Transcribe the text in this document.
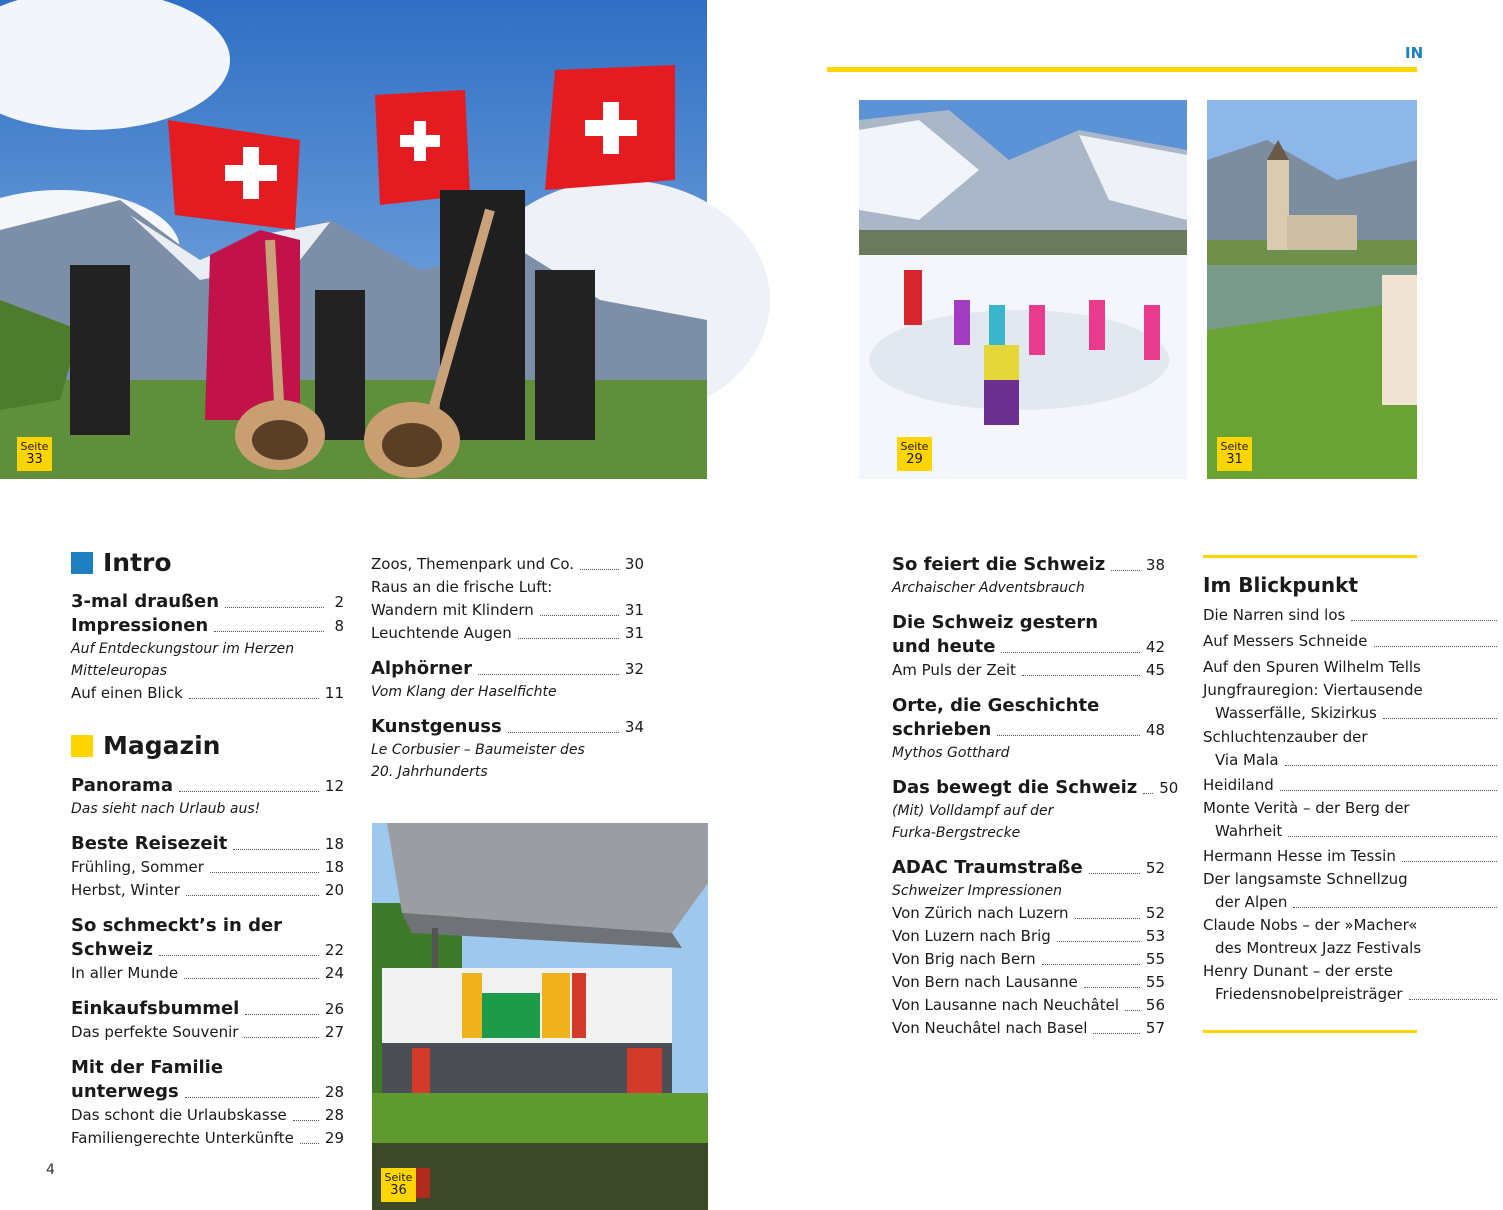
Seite
33
Seite
29
Seite
31
Seite
36
IN
Intro
3-mal draußen	2
Impressionen	8
Auf Entdeckungstour im Herzen
Mitteleuropas
Auf einen Blick	11
Magazin
Panorama	12
Das sieht nach Urlaub aus!
Beste Reisezeit	18
Frühling, Sommer	18
Herbst, Winter	20
So schmeckt’s in der
Schweiz	22
In aller Munde	24
Einkaufsbummel	26
Das perfekte Souvenir	27
Mit der Familie
unterwegs	28
Das schont die Urlaubskasse	28
Familiengerechte Unterkünfte 29
Zoos, Themenpark und Co.	30
Raus an die frische Luft:
Wandern mit Klindern	31
Leuchtende Augen	31
Alphörner	32
Vom Klang der Haselfichte
Kunstgenuss	34
Le Corbusier – Baumeister des
20. Jahrhunderts
So feiert die Schweiz	38
Archaischer Adventsbrauch
Die Schweiz gestern
und heute	42
Am Puls der Zeit	45
Orte, die Geschichte
schrieben	48
Mythos Gotthard
Das bewegt die Schweiz 50
(Mit) Volldampf auf der
Furka-Bergstrecke
ADAC Traumstraße	52
Schweizer Impressionen
Von Zürich nach Luzern	52
Von Luzern nach Brig	53
Von Brig nach Bern	55
Von Bern nach Lausanne	55
Von Lausanne nach Neuchâtel 56
Von Neuchâtel nach Basel	57
Im Blickpunkt
Die Narren sind los
Auf Messers Schneide
Auf den Spuren Wilhelm Tells
Jungfrauregion: Viertausende
Wasserfälle, Skizirkus
Schluchtenzauber der
Via Mala
Heidiland
Monte Verità – der Berg der
Wahrheit
Hermann Hesse im Tessin
Der langsamste Schnellzug
der Alpen
Claude Nobs – der »Macher«
des Montreux Jazz Festivals
Henry Dunant – der erste
Friedensnobelpreisträger
4
